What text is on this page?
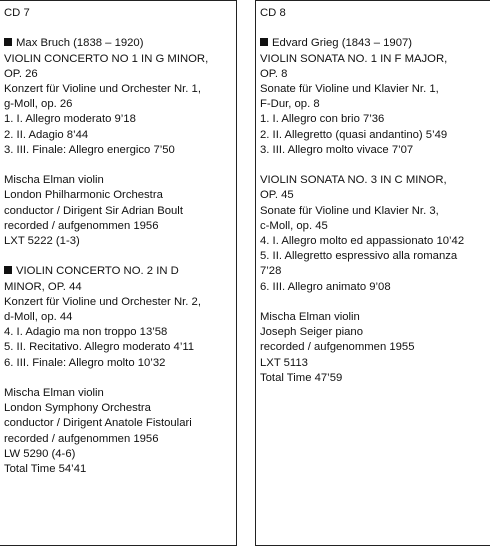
CD 7
Max Bruch (1838 – 1920)
VIOLIN CONCERTO NO 1 IN G MINOR,
OP. 26
Konzert für Violine und Orchester Nr. 1,
g-Moll, op. 26
1. I. Allegro moderato 9’18
2. II. Adagio 8’44
3. III. Finale: Allegro energico 7’50
Mischa Elman violin
London Philharmonic Orchestra
conductor / Dirigent Sir Adrian Boult
recorded / aufgenommen 1956
LXT 5222 (1-3)
VIOLIN CONCERTO NO. 2 IN D
MINOR, OP. 44
Konzert für Violine und Orchester Nr. 2,
d-Moll, op. 44
4. I. Adagio ma non troppo 13’58
5. II. Recitativo. Allegro moderato 4’11
6. III. Finale: Allegro molto 10’32
Mischa Elman violin
London Symphony Orchestra
conductor / Dirigent Anatole Fistoulari
recorded / aufgenommen 1956
LW 5290 (4-6)
Total Time 54’41
CD 8
Edvard Grieg (1843 – 1907)
VIOLIN SONATA NO. 1 IN F MAJOR,
OP. 8
Sonate für Violine und Klavier Nr. 1,
F-Dur, op. 8
1. I. Allegro con brio 7’36
2. II. Allegretto (quasi andantino) 5’49
3. III. Allegro molto vivace 7’07
VIOLIN SONATA NO. 3 IN C MINOR,
OP. 45
Sonate für Violine und Klavier Nr. 3,
c-Moll, op. 45
4. I. Allegro molto ed appassionato 10’42
5. II. Allegretto espressivo alla romanza
7’28
6. III. Allegro animato 9’08
Mischa Elman violin
Joseph Seiger piano
recorded / aufgenommen 1955
LXT 5113
Total Time 47’59
